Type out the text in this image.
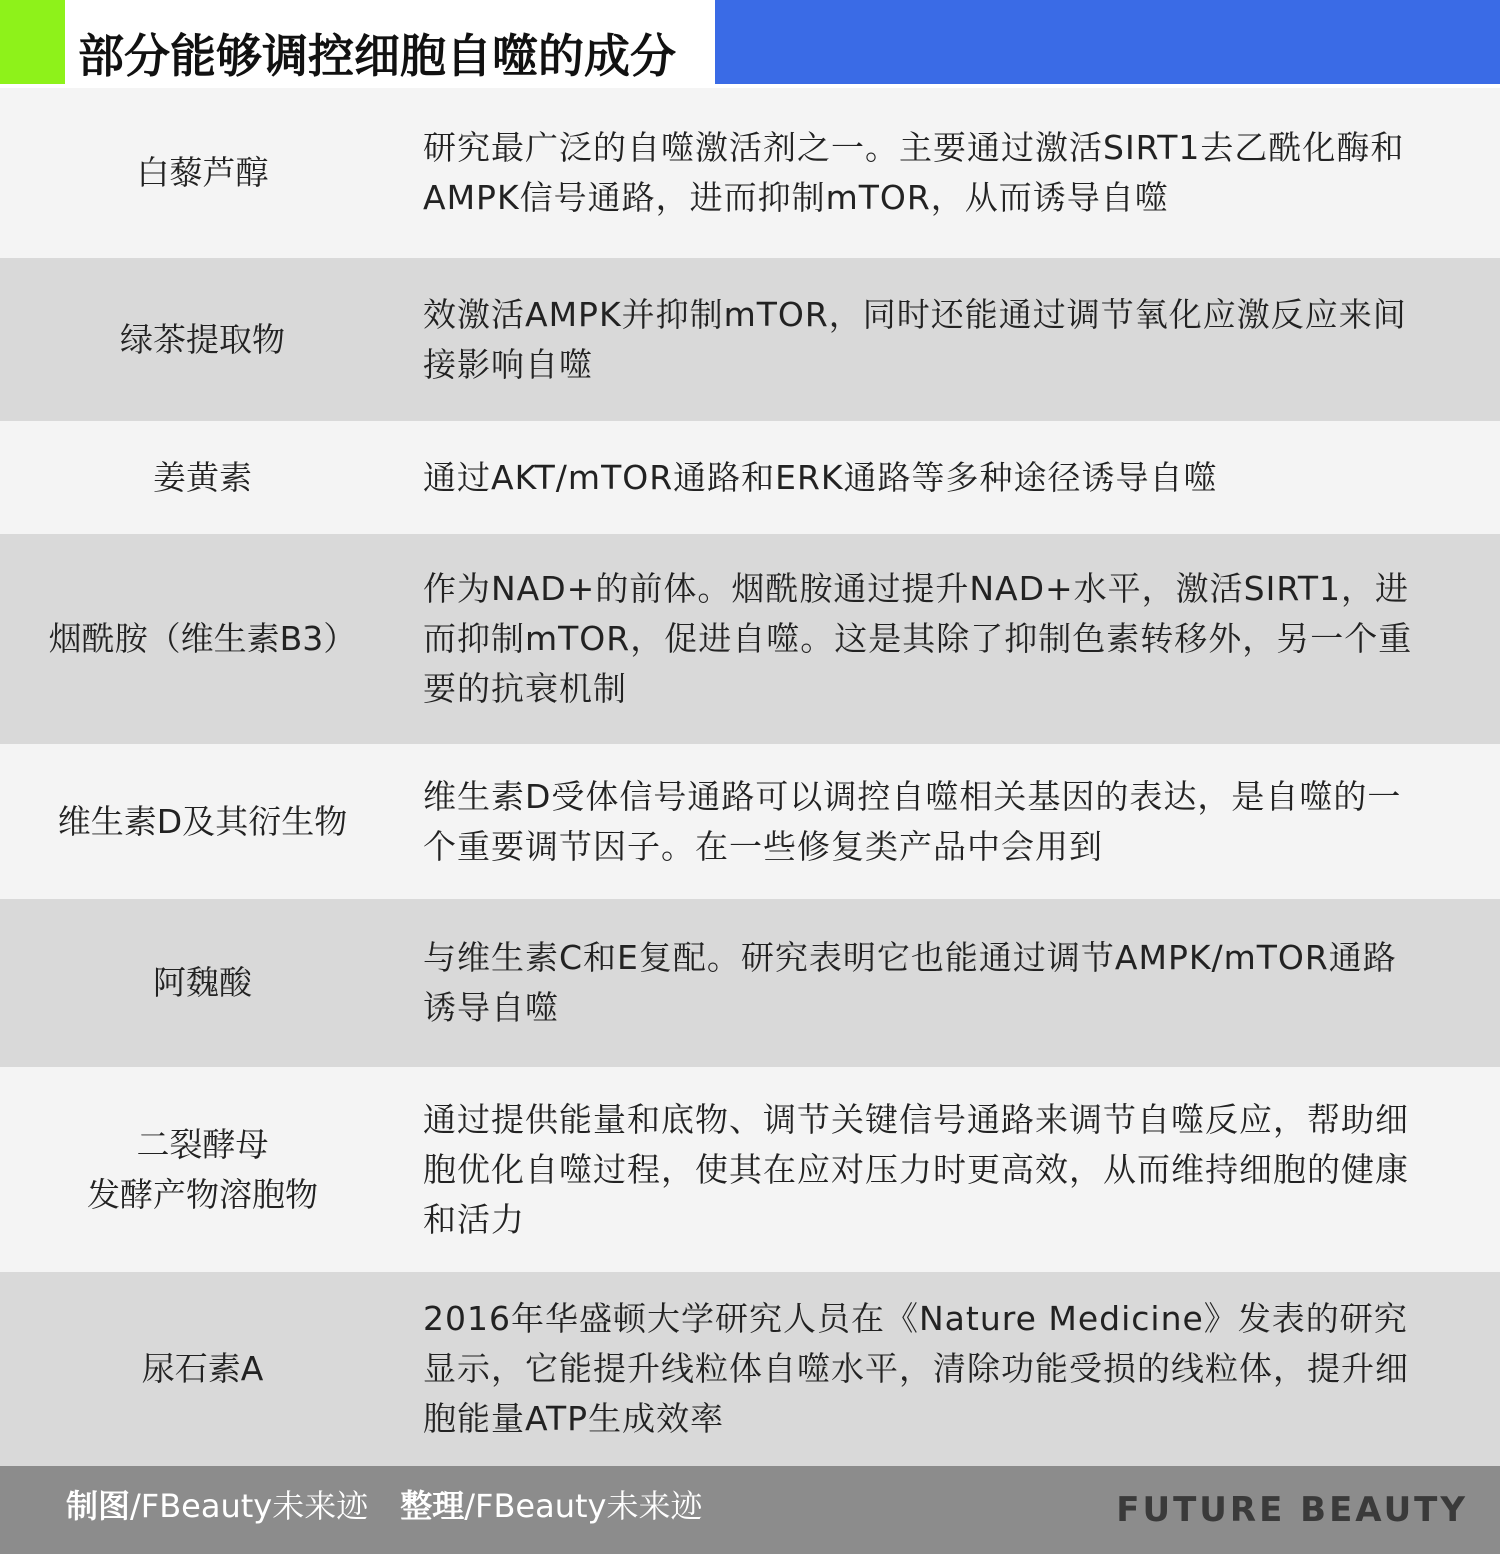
部分能够调控细胞自噬的成分
白藜芦醇
研究最广泛的自噬激活剂之一。主要通过激活SIRT1去乙酰化酶和AMPK信号通路，进而抑制mTOR，从而诱导自噬
绿茶提取物
效激活AMPK并抑制mTOR，同时还能通过调节氧化应激反应来间接影响自噬
姜黄素	通过AKT/mTOR通路和ERK通路等多种途径诱导自噬
烟酰胺（维生素B3）
作为NAD+的前体。烟酰胺通过提升NAD+水平，激活SIRT1，进而抑制mTOR，促进自噬。这是其除了抑制色素转移外，另一个重要的抗衰机制
维生素D及其衍生物
维生素D受体信号通路可以调控自噬相关基因的表达，是自噬的一个重要调节因子。在一些修复类产品中会用到
阿魏酸
与维生素C和E复配。研究表明它也能通过调节AMPK/mTOR通路诱导自噬
二裂酵母
发酵产物溶胞物
通过提供能量和底物、调节关键信号通路来调节自噬反应，帮助细胞优化自噬过程，使其在应对压力时更高效，从而维持细胞的健康和活力
尿石素A
2016年华盛顿大学研究人员在《Nature Medicine》发表的研究显示，它能提升线粒体自噬水平，清除功能受损的线粒体，提升细胞能量ATP生成效率
制图/FBeauty未来迹 整理/FBeauty未来迹	FUTURE BEAUTY
